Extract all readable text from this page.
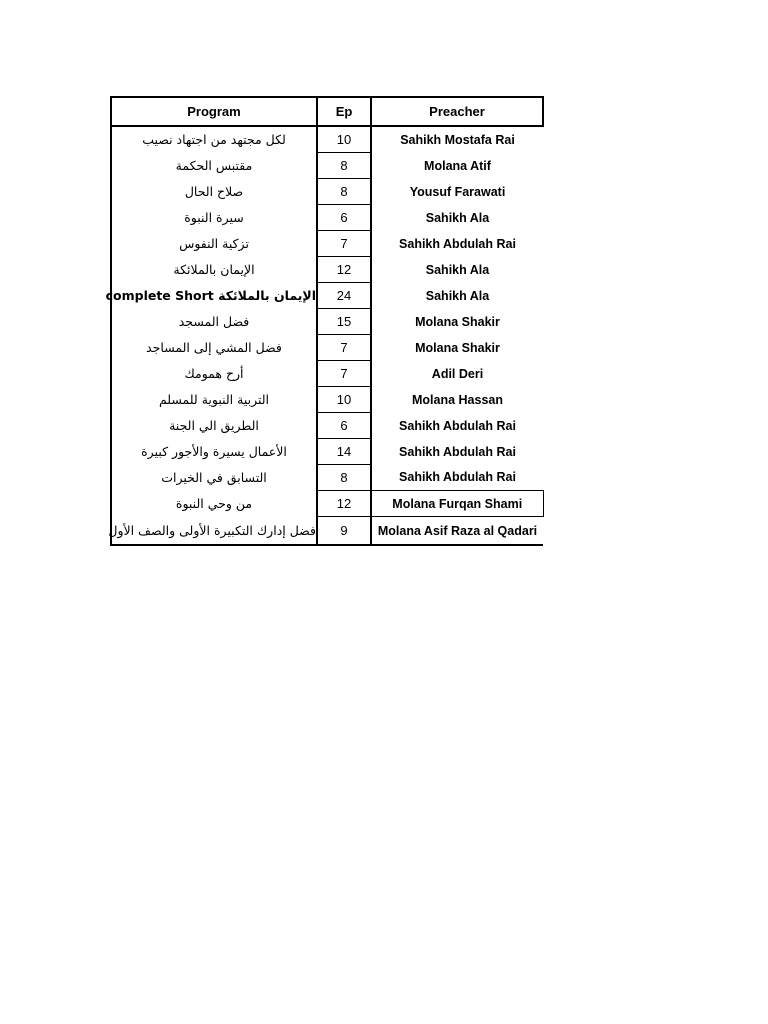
Program	Ep	Preacher
لكل مجتهد من اجتهاد نصيب	10	Sahikh Mostafa Rai
مقتبس الحكمة	8	Molana Atif
صلاح الحال	8	Yousuf Farawati
سيرة النبوة	6	Sahikh Ala
تزكية النفوس	7	Sahikh Abdulah Rai
الإيمان بالملائكة	12	Sahikh Ala
الإيمان بالملائكة complete Short	24	Sahikh Ala
فضل المسجد	15	Molana Shakir
فضل المشي إلى المساجد	7	Molana Shakir
أرح هم‍ومك	7	Adil Deri
التربية النبوية للمسلم	10	Molana Hassan
الطريق الي الجنة	6	Sahikh Abdulah Rai
الأعمال يسيرة والأجور كبيرة	14	Sahikh Abdulah Rai
التسابق في الخيرات	8	Sahikh Abdulah Rai
من وحي النبوة	12	Molana Furqan Shami
فضل إدارك التكبيرة الأولى والصف الأول	9	Molana Asif Raza al Qadari
